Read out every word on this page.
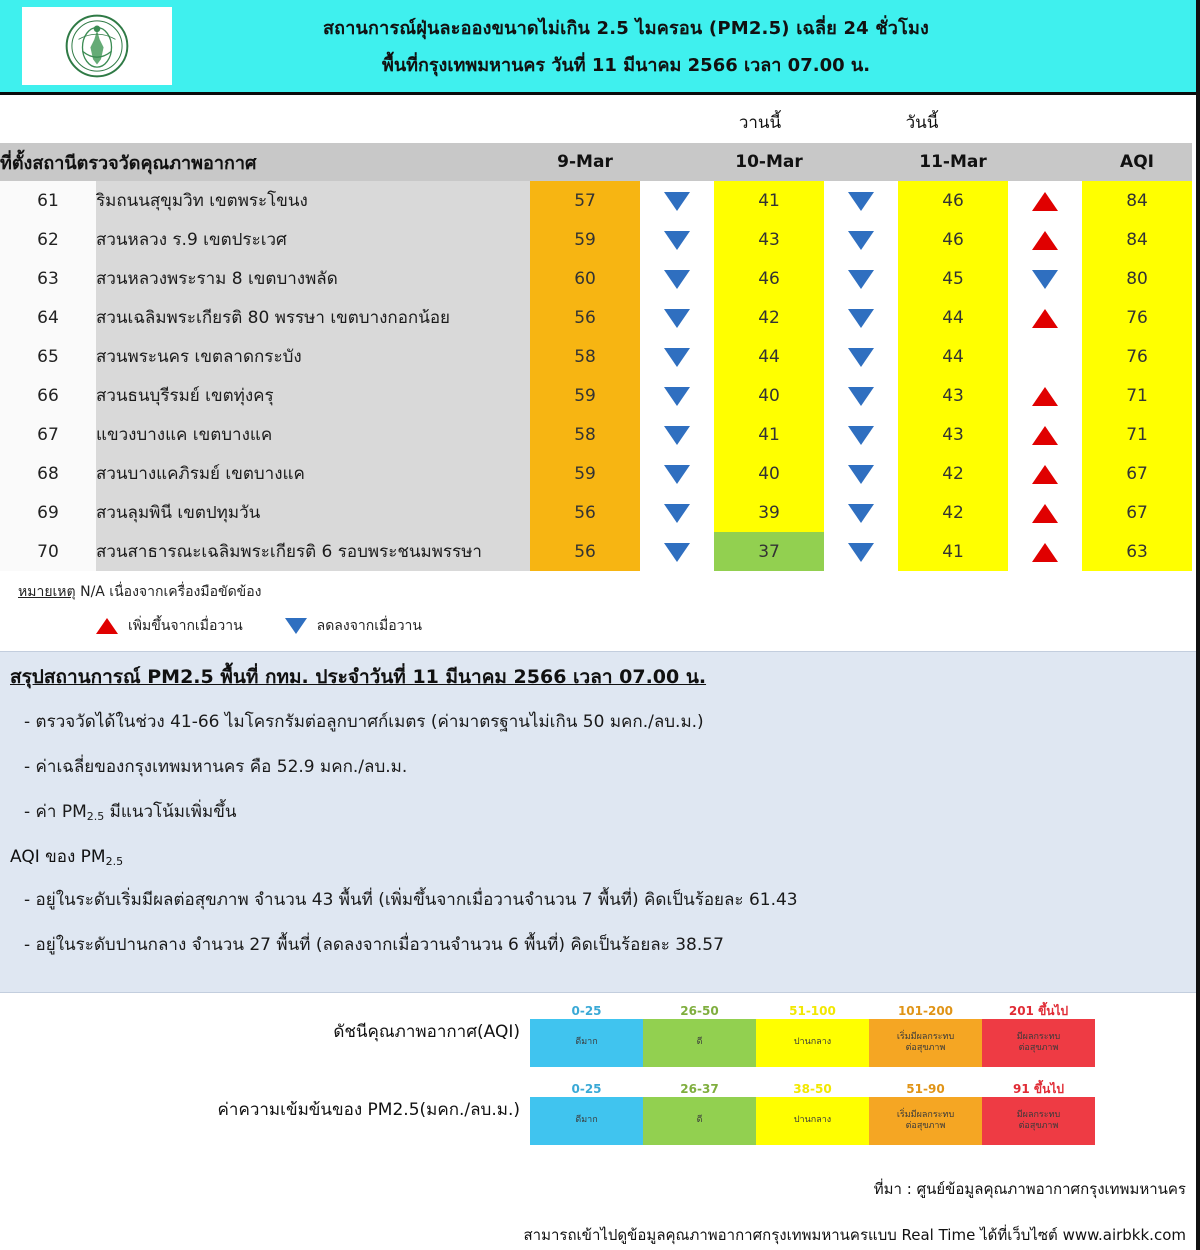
สถานการณ์ฝุ่นละอองขนาดไม่เกิน 2.5 ไมครอน (PM2.5) เฉลี่ย 24 ชั่วโมง
พื้นที่กรุงเทพมหานคร วันที่ 11 มีนาคม 2566 เวลา 07.00 น.
วานนี้	วันนี้
ที่ตั้งสถานีตรวจวัดคุณภาพอากาศ		9-Mar		10-Mar		11-Mar		AQI
61	ริมถนนสุขุมวิท เขตพระโขนง	57		41		46		84
62	สวนหลวง ร.9 เขตประเวศ	59		43		46		84
63	สวนหลวงพระราม 8 เขตบางพลัด	60		46		45		80
64	สวนเฉลิมพระเกียรติ 80 พรรษา เขตบางกอกน้อย	56		42		44		76
65	สวนพระนคร เขตลาดกระบัง	58		44		44		76
66	สวนธนบุรีรมย์ เขตทุ่งครุ	59		40		43		71
67	แขวงบางแค เขตบางแค	58		41		43		71
68	สวนบางแคภิรมย์ เขตบางแค	59		40		42		67
69	สวนลุมพินี เขตปทุมวัน	56		39		42		67
70	สวนสาธารณะเฉลิมพระเกียรติ 6 รอบพระชนมพรรษา	56		37		41		63
หมายเหตุ N/A เนื่องจากเครื่องมือขัดข้อง
เพิ่มขึ้นจากเมื่อวาน	ลดลงจากเมื่อวาน
สรุปสถานการณ์ PM2.5 พื้นที่ กทม. ประจำวันที่ 11 มีนาคม 2566 เวลา 07.00 น.
- ตรวจวัดได้ในช่วง 41-66 ไมโครกรัมต่อลูกบาศก์เมตร (ค่ามาตรฐานไม่เกิน 50 มคก./ลบ.ม.)
- ค่าเฉลี่ยของกรุงเทพมหานคร คือ 52.9 มคก./ลบ.ม.
- ค่า $PM_{2.5}$ มีแนวโน้มเพิ่มขึ้น
AQI ของ $PM_{2.5}$
- อยู่ในระดับเริ่มมีผลต่อสุขภาพ จำนวน 43 พื้นที่ (เพิ่มขึ้นจากเมื่อวานจำนวน 7 พื้นที่) คิดเป็นร้อยละ 61.43
- อยู่ในระดับปานกลาง จำนวน 27 พื้นที่ (ลดลงจากเมื่อวานจำนวน 6 พื้นที่) คิดเป็นร้อยละ 38.57
ดัชนีคุณภาพอากาศ(AQI)
0-25
ดีมาก
26-50
ดี
51-100
ปานกลาง
101-200
เริ่มมีผลกระทบ
ต่อสุขภาพ
201 ขึ้นไป
มีผลกระทบ
ต่อสุขภาพ
ค่าความเข้มข้นของ PM2.5(มคก./ลบ.ม.)
0-25
ดีมาก
26-37
ดี
38-50
ปานกลาง
51-90
เริ่มมีผลกระทบ
ต่อสุขภาพ
91 ขึ้นไป
มีผลกระทบ
ต่อสุขภาพ
ที่มา : ศูนย์ข้อมูลคุณภาพอากาศกรุงเทพมหานคร
สามารถเข้าไปดูข้อมูลคุณภาพอากาศกรุงเทพมหานครแบบ Real Time ได้ที่เว็บไซต์ www.airbkk.com
